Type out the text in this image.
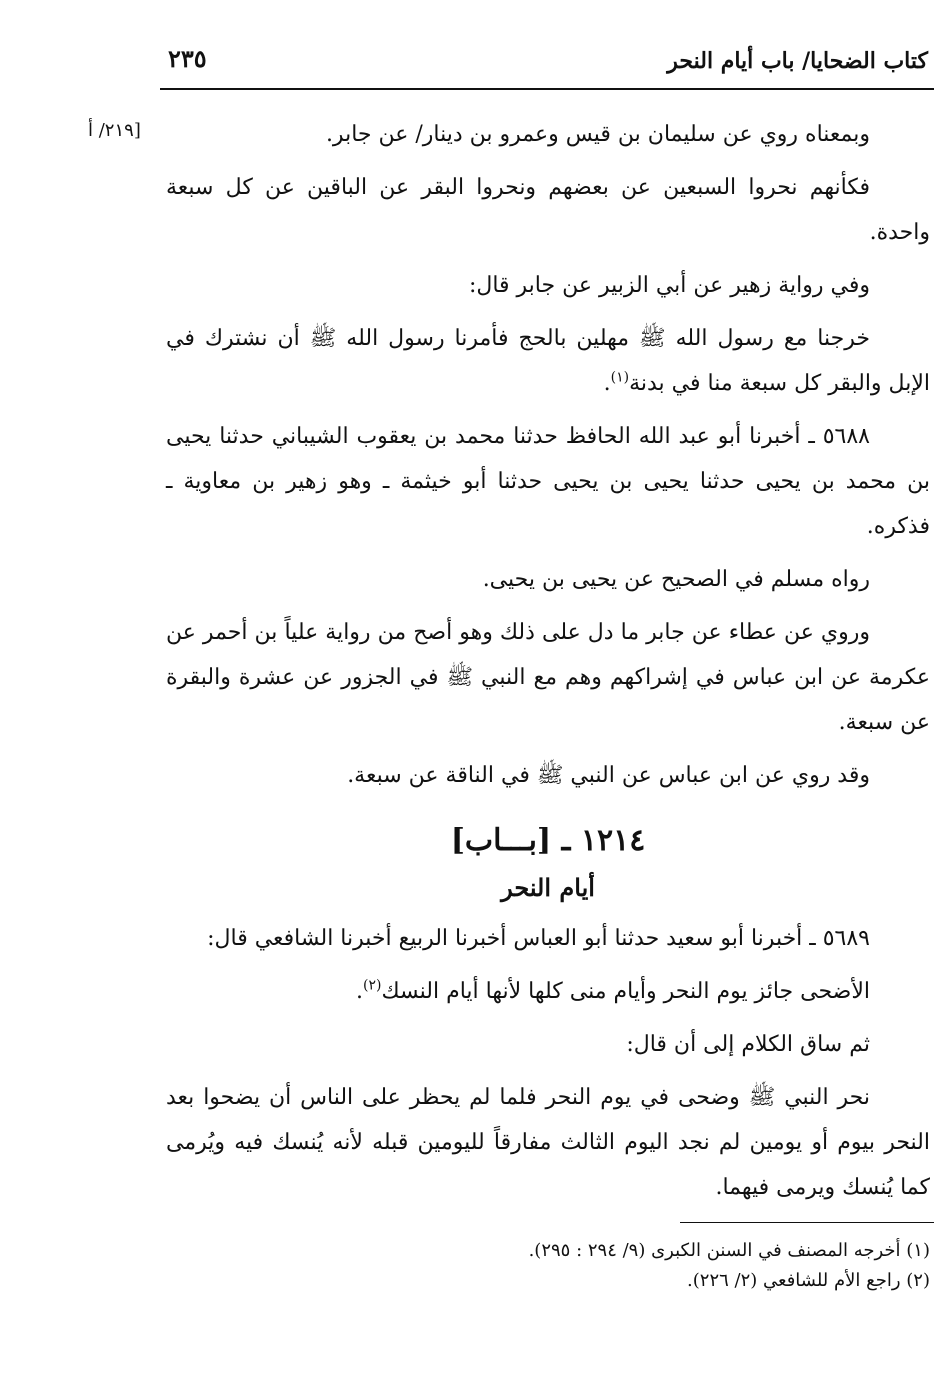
كتاب الضحايا/ باب أيام النحر
٢٣٥
[٢١٩/ أ	وبمعناه روي عن سليمان بن قيس وعمرو بن دينار/ عن جابر.

فكأنهم نحروا السبعين عن بعضهم ونحروا البقر عن الباقين عن كل سبعة واحدة.

وفي رواية زهير عن أبي الزبير عن جابر قال:

خرجنا مع رسول الله ﷺ مهلين بالحج فأمرنا رسول الله ﷺ أن نشترك في الإبل والبقر كل سبعة منا في بدنة$^{(١)}$.

٥٦٨٨ ـ أخبرنا أبو عبد الله الحافظ حدثنا محمد بن يعقوب الشيباني حدثنا يحيى بن محمد بن يحيى حدثنا يحيى بن يحيى حدثنا أبو خيثمة ـ وهو زهير بن معاوية ـ فذكره.

رواه مسلم في الصحيح عن يحيى بن يحيى.

وروي عن عطاء عن جابر ما دل على ذلك وهو أصح من رواية علياً بن أحمر عن عكرمة عن ابن عباس في إشراكهم وهم مع النبي ﷺ في الجزور عن عشرة والبقرة عن سبعة.

وقد روي عن ابن عباس عن النبي ﷺ في الناقة عن سبعة.

١٢١٤ ـ [بـــاب]
أيام النحر

٥٦٨٩ ـ أخبرنا أبو سعيد حدثنا أبو العباس أخبرنا الربيع أخبرنا الشافعي قال:

الأضحى جائز يوم النحر وأيام منى كلها لأنها أيام النسك$^{(٢)}$.

ثم ساق الكلام إلى أن قال:

نحر النبي ﷺ وضحى في يوم النحر فلما لم يحظر على الناس أن يضحوا بعد النحر بيوم أو يومين لم نجد اليوم الثالث مفارقاً لليومين قبله لأنه يُنسك فيه ويُرمى كما يُنسك ويرمى فيهما.

(١) أخرجه المصنف في السنن الكبرى (٩/ ٢٩٤ : ٢٩٥).

(٢) راجع الأم للشافعي (٢/ ٢٢٦).
